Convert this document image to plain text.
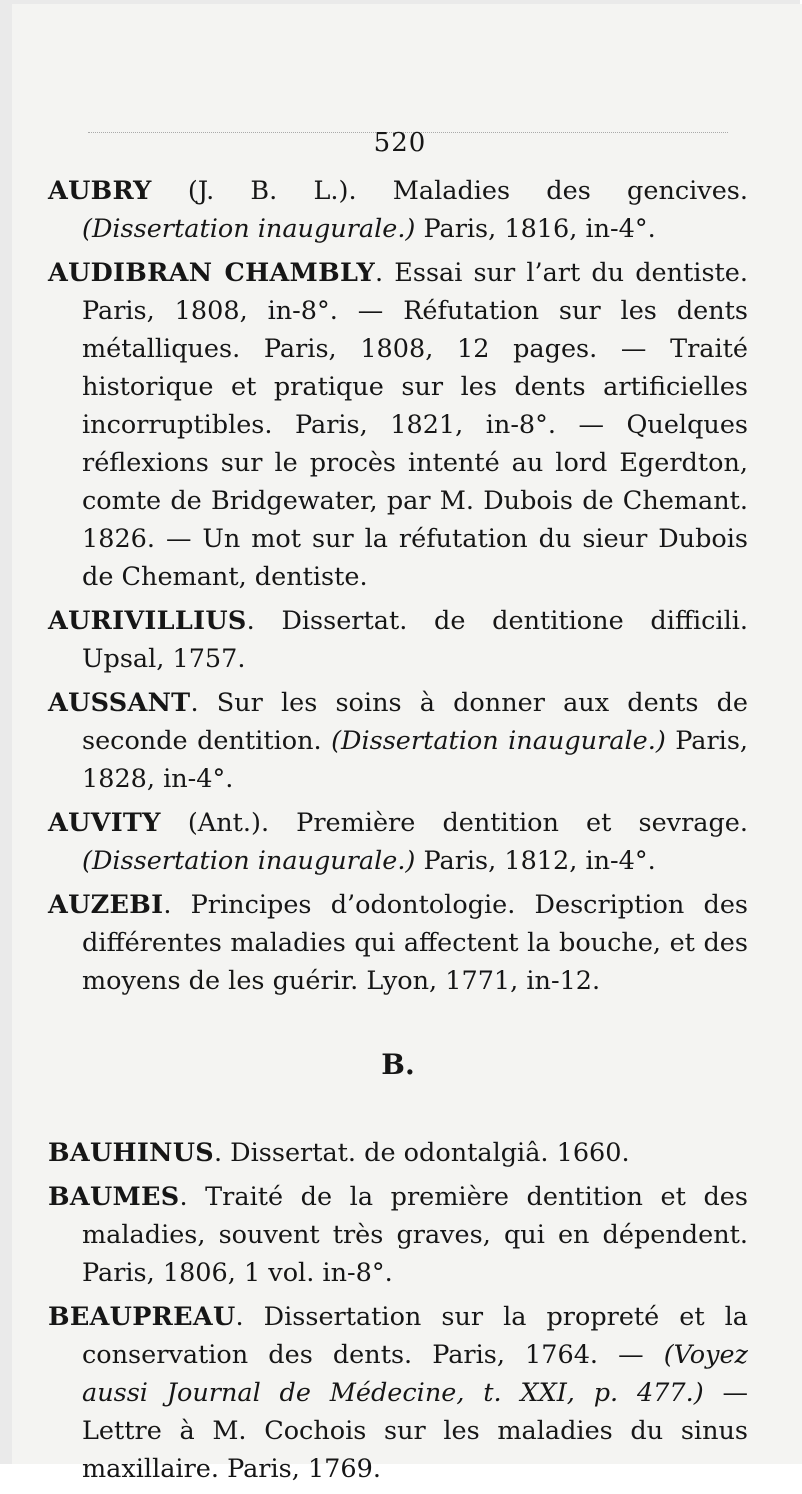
520

AUBRY (J. B. L.). Maladies des gencives. (Dissertation inaugurale.) Paris, 1816, in-4°.

AUDIBRAN CHAMBLY. Essai sur l’art du dentiste. Paris, 1808, in-8°. — Réfutation sur les dents métalliques. Paris, 1808, 12 pages. — Traité historique et pratique sur les dents artificielles incorruptibles. Paris, 1821, in-8°. — Quelques réflexions sur le procès intenté au lord Egerdton, comte de Bridgewater, par M. Dubois de Chemant. 1826. — Un mot sur la réfutation du sieur Dubois de Chemant, dentiste.

AURIVILLIUS. Dissertat. de dentitione difficili. Upsal, 1757.

AUSSANT. Sur les soins à donner aux dents de seconde dentition. (Dissertation inaugurale.) Paris, 1828, in-4°.

AUVITY (Ant.). Première dentition et sevrage. (Dissertation inaugurale.) Paris, 1812, in-4°.

AUZEBI. Principes d’odontologie. Description des différentes maladies qui affectent la bouche, et des moyens de les guérir. Lyon, 1771, in-12.

B.

BAUHINUS. Dissertat. de odontalgiâ. 1660.

BAUMES. Traité de la première dentition et des maladies, souvent très graves, qui en dépendent. Paris, 1806, 1 vol. in-8°.

BEAUPREAU. Dissertation sur la propreté et la conservation des dents. Paris, 1764. — (Voyez aussi Journal de Médecine, t. XXI, p. 477.) — Lettre à M. Cochois sur les maladies du sinus maxillaire. Paris, 1769.
